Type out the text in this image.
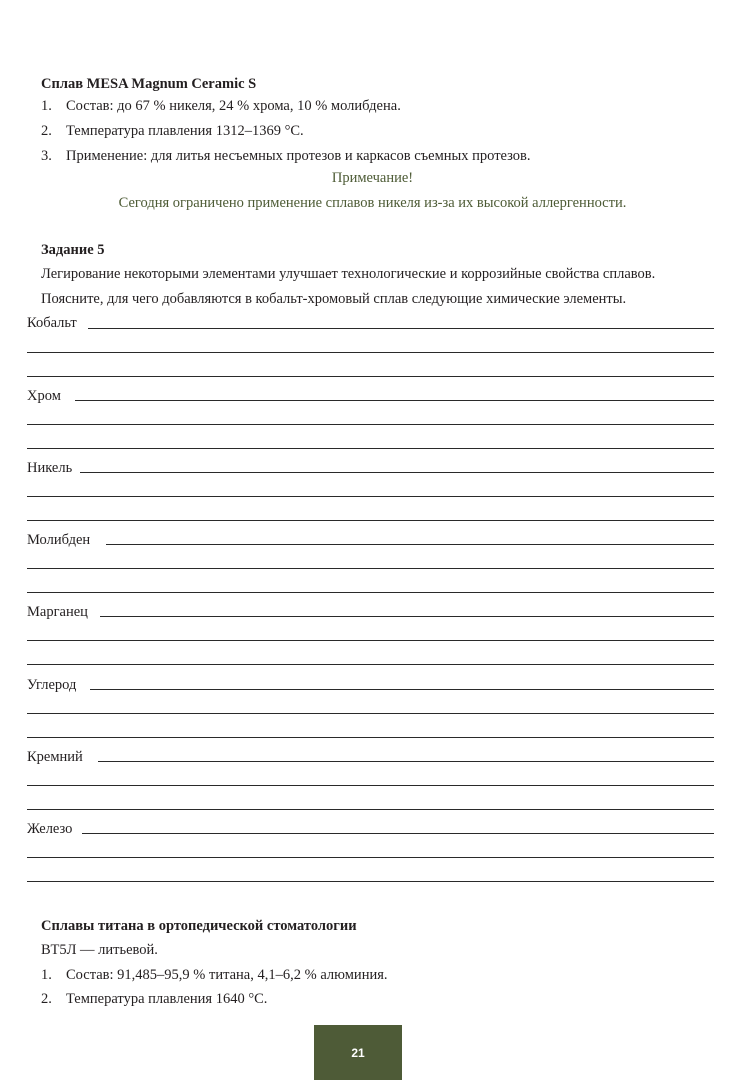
Сплав MESA Magnum Ceramic S
1. Состав: до 67 % никеля, 24 % хрома, 10 % молибдена.
2. Температура плавления 1312–1369 °С.
3. Применение: для литья несъемных протезов и каркасов съемных протезов.
Примечание!
Сегодня ограничено применение сплавов никеля из-за их высокой аллергенности.
Задание 5
Легирование некоторыми элементами улучшает технологические и коррозийные свойства сплавов.
Поясните, для чего добавляются в кобальт-хромовый сплав следующие химические элементы.
Кобальт
Хром
Никель
Молибден
Марганец
Углерод
Кремний
Железо
Сплавы титана в ортопедической стоматологии
ВТ5Л — литьевой.
1. Состав: 91,485–95,9 % титана, 4,1–6,2 % алюминия.
2. Температура плавления 1640 °С.
21
